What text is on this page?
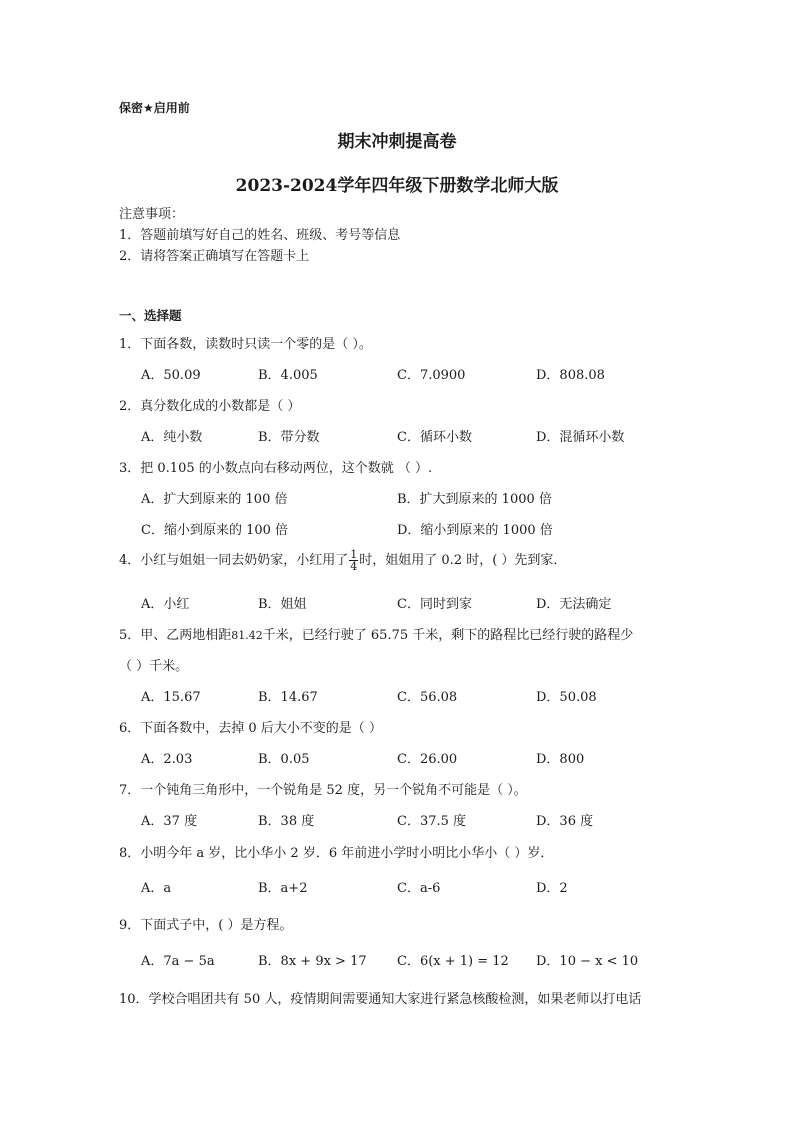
保密★启用前
期末冲刺提高卷
2023-2024学年四年级下册数学北师大版
注意事项：
1．答题前填写好自己的姓名、班级、考号等信息
2．请将答案正确填写在答题卡上
一、选择题
1．下面各数，读数时只读一个零的是（ ）。
A．50.09	B．4.005	C．7.0900	D．808.08
2．真分数化成的小数都是（ ）
A．纯小数	B．带分数	C．循环小数	D．混循环小数
3．把 0.105 的小数点向右移动两位，这个数就 （ ）.
A．扩大到原来的 100 倍	B．扩大到原来的 1000 倍
C．缩小到原来的 100 倍	D．缩小到原来的 1000 倍
4．小红与姐姐一同去奶奶家，小红用了 $\frac{1}{4}$ 时，姐姐用了 0.2 时，( ）先到家．
A．小红	B．姐姐	C．同时到家	D．无法确定
5．甲、乙两地相距81.42千米，已经行驶了 65.75 千米，剩下的路程比已经行驶的路程少
（ ）千米。
A．15.67	B．14.67	C．56.08	D．50.08
6．下面各数中，去掉 0 后大小不变的是（ ）
A．2.03	B．0.05	C．26.00	D．800
7．一个钝角三角形中，一个锐角是 52 度，另一个锐角不可能是（ ）。
A．37 度	B．38 度	C．37.5 度	D．36 度
8．小明今年 a 岁，比小华小 2 岁．6 年前进小学时小明比小华小（ ）岁．
A．a	B．a+2	C．a-6	D．2
9．下面式子中，( ）是方程。
A．7a − 5a	B．8x + 9x > 17 C．6(x + 1) = 12 D．10 − x < 10
10．学校合唱团共有 50 人，疫情期间需要通知大家进行紧急核酸检测，如果老师以打电话
